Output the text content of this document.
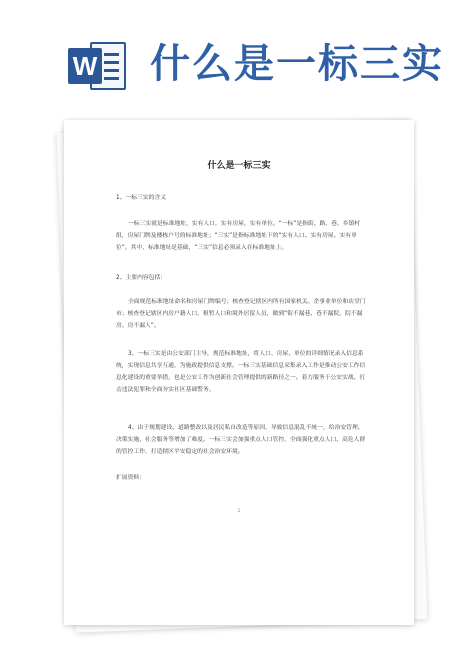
W 什么是一标三实
什么是一标三实
1、一标三实的含义
一标三实就是标准地址，实有人口，实有房屋，实有单位。“一标”是指街、路、巷、乡镇村组，房屋门牌及楼栋户号的标准地址；“三实”是指标准地址下的“实有人口、实有房屋、实有单位”。其中，标准地址是基础，“三实”信息必须录入在标准地址上。
2、主要内容包括：
全面规范标准地址命名和房屋门牌编号；核查登记辖区内所有国家机关、企事业单位和店堂门市；核查登记辖区内房户籍人口、租暂人口和境外居留人员，做到“街不漏巷、巷不漏院、院不漏房、房不漏人”。
3、一标三实是由公安部门主导，规范标准地址，将人口、房屋、单位的详细情况录入信息系统，实现信息共享互通，为施政提供信息支撑。一标三实基础信息采集录入工作是推动公安工作信息化建设的重要举措，也是公安工作为创新社会管理提供的新路径之一。着力服务于公安实战、打击违法犯罪和全面夯实社区基础警务。
4、由于规划建设、道路整改以及居民私自改造等原因，导致信息混乱不统一，给治安管理、决策实施、社会服务等增加了难度。一标三实会加强重点人口管控，全面强化重点人口、高危人群的管控工作，打造辖区平安稳定的社会治安环境。
扩展资料：
1
